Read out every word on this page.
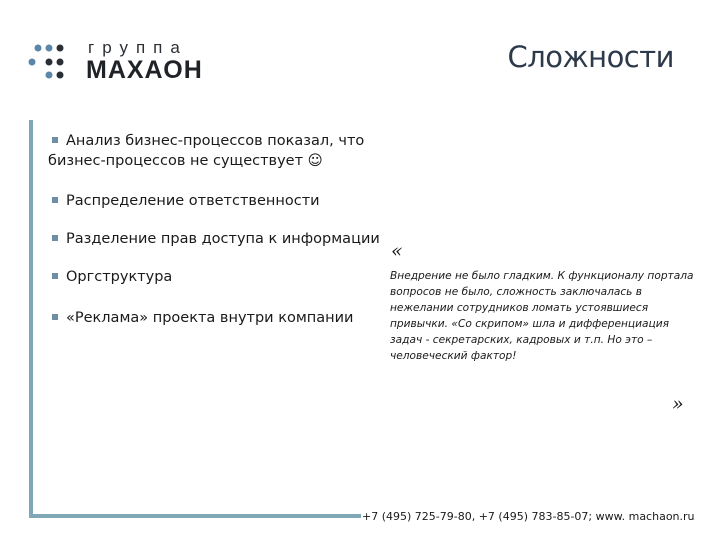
группа
МАХАОН	Сложности
Анализ бизнес-процессов показал, что бизнес-процессов не существует ☺
Распределение ответственности
Разделение прав доступа к информации
Оргструктура
«Реклама» проекта внутри компании
«
Внедрение не было гладким. К функционалу портала вопросов не было, сложность заключалась в нежелании сотрудников ломать устоявшиеся привычки. «Со скрипом» шла и дифференциация задач - секретарских, кадровых и т.п. Но это – человеческий фактор!
»
+7 (495) 725-79-80, +7 (495) 783-85-07; www. machaon.ru
